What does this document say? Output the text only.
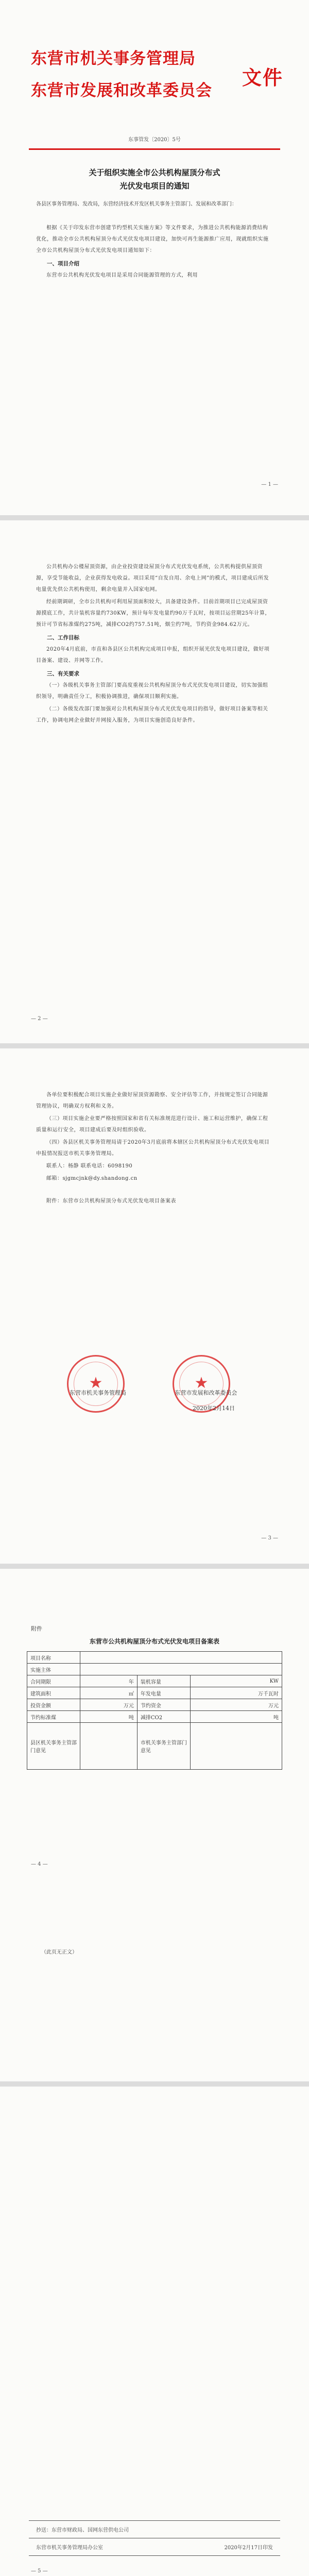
东营市机关事务管理局
东营市发展和改革委员会
文件
东事管发〔2020〕5号
关于组织实施全市公共机构屋顶分布式
光伏发电项目的通知
各县区事务管理局、发改局，东营经济技术开发区机关事务主管部门、发展和改革部门：

根据《关于印发东营市创建节约型机关实施方案》等文件要求，为推进公共机构能源消费结构优化，推动全市公共机构屋顶分布式光伏发电项目建设，加快可再生能源推广应用，现就组织实施全市公共机构屋顶分布式光伏发电项目通知如下：

一、项目介绍

东营市公共机构光伏发电项目是采用合同能源管理的方式，利用

— 1 —

公共机构办公楼屋顶资源，由企业投资建设屋顶分布式光伏发电系统，公共机构提供屋顶资源，享受节能收益，企业获得发电收益。项目采用“自发自用、余电上网”的模式，项目建成后所发电量优先供公共机构使用，剩余电量并入国家电网。

经前期调研，全市公共机构可利用屋顶面积较大，具备建设条件。目前首期项目已完成屋顶资源摸底工作，共计装机容量约730KW，预计每年发电量约90万千瓦时，按项目运营期25年计算，预计可节省标准煤约275吨，减排CO2约757.51吨，烟尘约7吨，节约资金984.62万元。

二、工作目标

2020年4月底前，市直和各县区公共机构完成项目申报，组织开展光伏发电项目建设，做好项目备案、建设、并网等工作。

三、有关要求

（一）各级机关事务主管部门要高度重视公共机构屋顶分布式光伏发电项目建设，切实加强组织领导，明确责任分工，积极协调推进，确保项目顺利实施。

（二）各级发改部门要加强对公共机构屋顶分布式光伏发电项目的指导，做好项目备案等相关工作，协调电网企业做好并网接入服务，为项目实施创造良好条件。

— 2 —

各单位要积极配合项目实施企业做好屋顶资源勘察、安全评估等工作，并按规定签订合同能源管理协议，明确双方权利和义务。

（三）项目实施企业要严格按照国家和省有关标准规范进行设计、施工和运营维护，确保工程质量和运行安全，项目建成后要及时组织验收。

（四）各县区机关事务管理局请于2020年3月底前将本辖区公共机构屋顶分布式光伏发电项目申报情况报送市机关事务管理局。

联系人：杨静 联系电话：6098190

邮箱：sjgmcjnk@dy.shandong.cn

附件：东营市公共机构屋顶分布式光伏发电项目备案表

★
★
东营市机关事务管理局	东营市发展和改革委员会
2020年2月14日
— 3 —
附件
东营市公共机构屋顶分布式光伏发电项目备案表
项目名称			
实施主体			
合同期限	年	装机容量	KW
建筑面积	㎡	年发电量	万千瓦时
投资金额	万元	节约资金	万元
节约标准煤	吨	减排CO2	吨
县区机关事务主管部门意见		市机关事务主管部门意见	
— 4 —
（此页无正文）
抄送：东营市财政局、国网东营供电公司
东营市机关事务管理局办公室	2020年2月17日印发
— 5 —
